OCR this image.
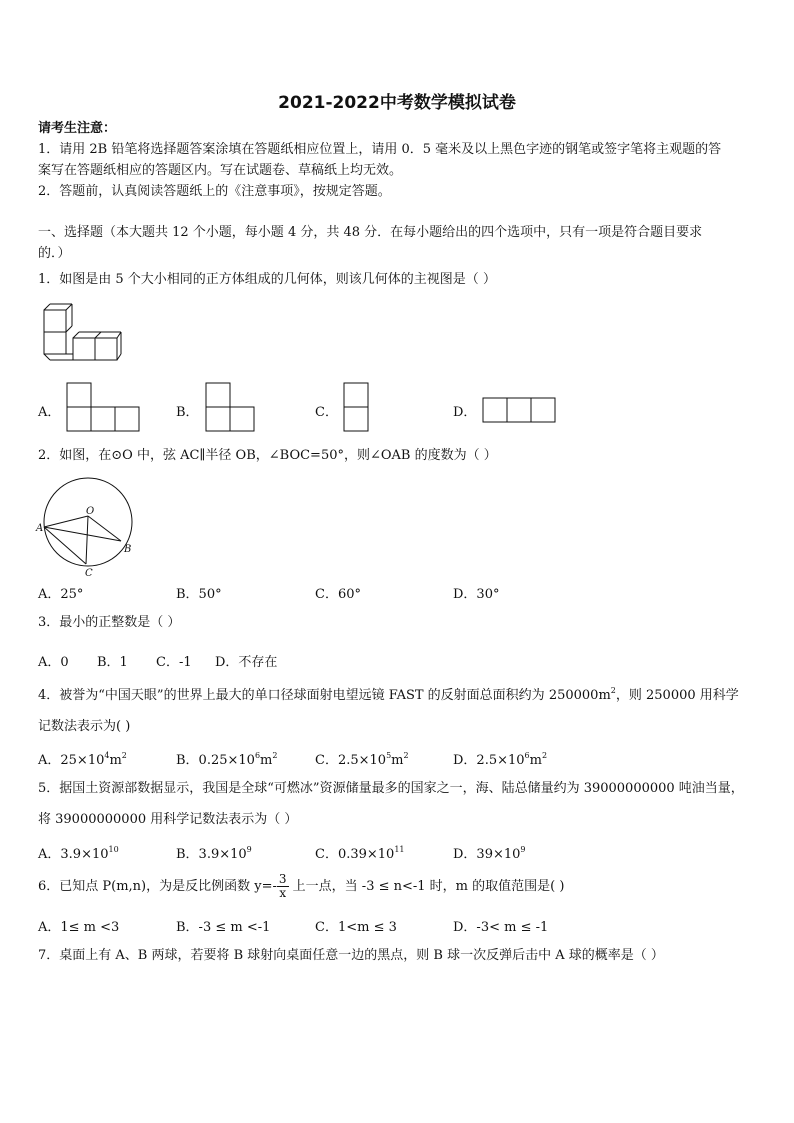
2021-2022中考数学模拟试卷
请考生注意：
1．请用 2B 铅笔将选择题答案涂填在答题纸相应位置上，请用 0．5 毫米及以上黑色字迹的钢笔或签字笔将主观题的答
案写在答题纸相应的答题区内。写在试题卷、草稿纸上均无效。
2．答题前，认真阅读答题纸上的《注意事项》，按规定答题。
一、选择题（本大题共 12 个小题，每小题 4 分，共 48 分．在每小题给出的四个选项中，只有一项是符合题目要求
的．）
1．如图是由 5 个大小相同的正方体组成的几何体，则该几何体的主视图是（ ）
A．	B．	C．	D．
2．如图，在⊙O 中，弦 AC∥半径 OB，∠BOC=50°，则∠OAB 的度数为（ ）
O
A
B
C
A．25°	B．50°	C．60°	D．30°
3．最小的正整数是（ ）
A．0 B．1 C．-1 D．不存在
4．被誉为“中国天眼”的世界上最大的单口径球面射电望远镜 FAST 的反射面总面积约为 $250000m^2$，则 250000 用科学
记数法表示为( )
A．$25\times 10^4m^2$	B．$0.25\times 10^6m^2$	C．$2.5\times 10^5m^2$	D．$2.5\times 10^6m^2$
5．据国土资源部数据显示，我国是全球“可燃冰”资源储量最多的国家之一，海、陆总储量约为 39000000000 吨油当量，
将 39000000000 用科学记数法表示为（ ）
A．$3.9\times 10^{10}$	B．$3.9\times 10^9$	C．$0.39\times 10^{11}$	D．$39\times 10^9$
6．已知点 P(m,n)，为是反比例函数 $y=- \frac{3}{x}$ 上一点，当 -3 ≤ n<-1 时，m 的取值范围是( )
A．1≤ m <3	B．-3 ≤ m <-1	C．1<m ≤ 3	D．-3< m ≤ -1
7．桌面上有 A、B 两球，若要将 B 球射向桌面任意一边的黑点，则 B 球一次反弹后击中 A 球的概率是（ ）
